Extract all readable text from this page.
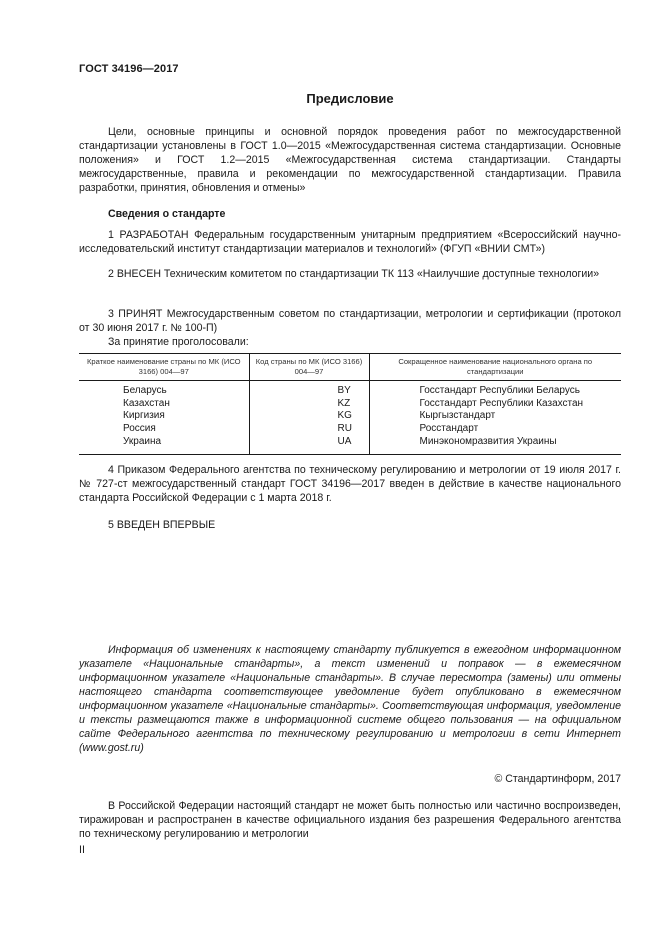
ГОСТ 34196—2017
Предисловие

Цели, основные принципы и основной порядок проведения работ по межгосударственной стандартизации установлены в ГОСТ 1.0—2015 «Межгосударственная система стандартизации. Основные положения» и ГОСТ 1.2—2015 «Межгосударственная система стандартизации. Стандарты межгосударственные, правила и рекомендации по межгосударственной стандартизации. Правила разработки, принятия, обновления и отмены»

Сведения о стандарте

1 РАЗРАБОТАН Федеральным государственным унитарным предприятием «Всероссийский научно-исследовательский институт стандартизации материалов и технологий» (ФГУП «ВНИИ СМТ»)

2 ВНЕСЕН Техническим комитетом по стандартизации ТК 113 «Наилучшие доступные технологии»

3 ПРИНЯТ Межгосударственным советом по стандартизации, метрологии и сертификации (протокол от 30 июня 2017 г. № 100-П)

За принятие проголосовали:

Краткое наименование страны по МК (ИСО 3166) 004—97	Код страны по МК (ИСО 3166) 004—97	Сокращенное наименование национального органа по стандартизации
Беларусь	BY	Госстандарт Республики Беларусь
Казахстан	KZ	Госстандарт Республики Казахстан
Киргизия	KG	Кыргызстандарт
Россия	RU	Росстандарт
Украина	UA	Минэкономразвития Украины

4 Приказом Федерального агентства по техническому регулированию и метрологии от 19 июля 2017 г. № 727-ст межгосударственный стандарт ГОСТ 34196—2017 введен в действие в качестве национального стандарта Российской Федерации с 1 марта 2018 г.

5 ВВЕДЕН ВПЕРВЫЕ

Информация об изменениях к настоящему стандарту публикуется в ежегодном информационном указателе «Национальные стандарты», а текст изменений и поправок — в ежемесячном информационном указателе «Национальные стандарты». В случае пересмотра (замены) или отмены настоящего стандарта соответствующее уведомление будет опубликовано в ежемесячном информационном указателе «Национальные стандарты». Соответствующая информация, уведомление и тексты размещаются также в информационной системе общего пользования — на официальном сайте Федерального агентства по техническому регулированию и метрологии в сети Интернет (www.gost.ru)

© Стандартинформ, 2017

В Российской Федерации настоящий стандарт не может быть полностью или частично воспроизведен, тиражирован и распространен в качестве официального издания без разрешения Федерального агентства по техническому регулированию и метрологии

II
